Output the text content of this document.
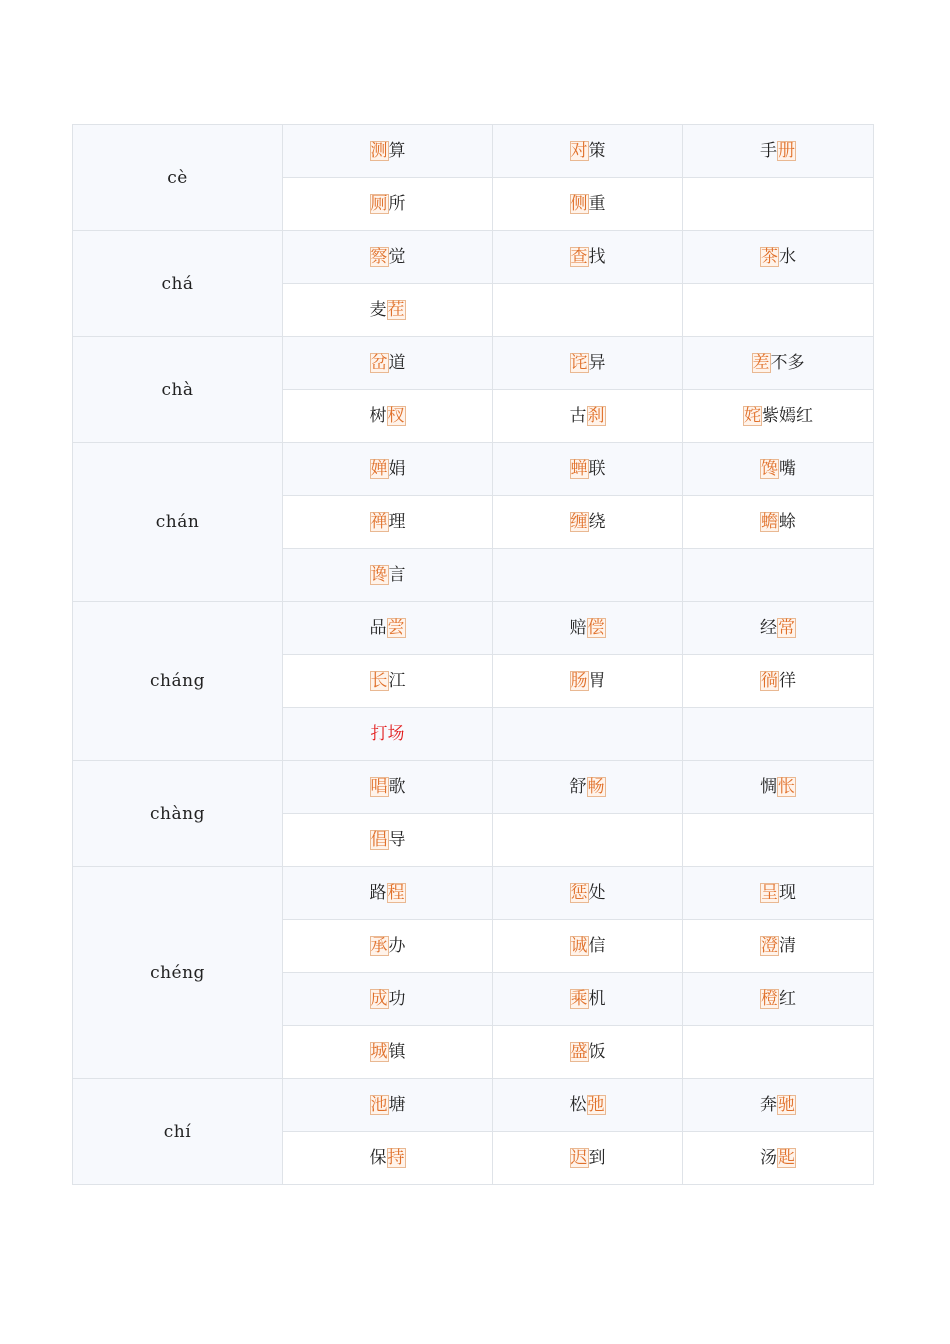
cè	测算	对策	手册
	厕所	侧重	
chá	察觉	查找	茶水
	麦茬		
chà	岔道	诧异	差不多
	树杈	古刹	姹紫嫣红
chán	婵娟	蝉联	馋嘴
	禅理	缠绕	蟾蜍
	谗言		
cháng	品尝	赔偿	经常
	长江	肠胃	徜徉
	打场		
chàng	唱歌	舒畅	惆怅
	倡导		
chéng	路程	惩处	呈现
	承办	诚信	澄清
	成功	乘机	橙红
	城镇	盛饭	
chí	池塘	松弛	奔驰
	保持	迟到	汤匙
